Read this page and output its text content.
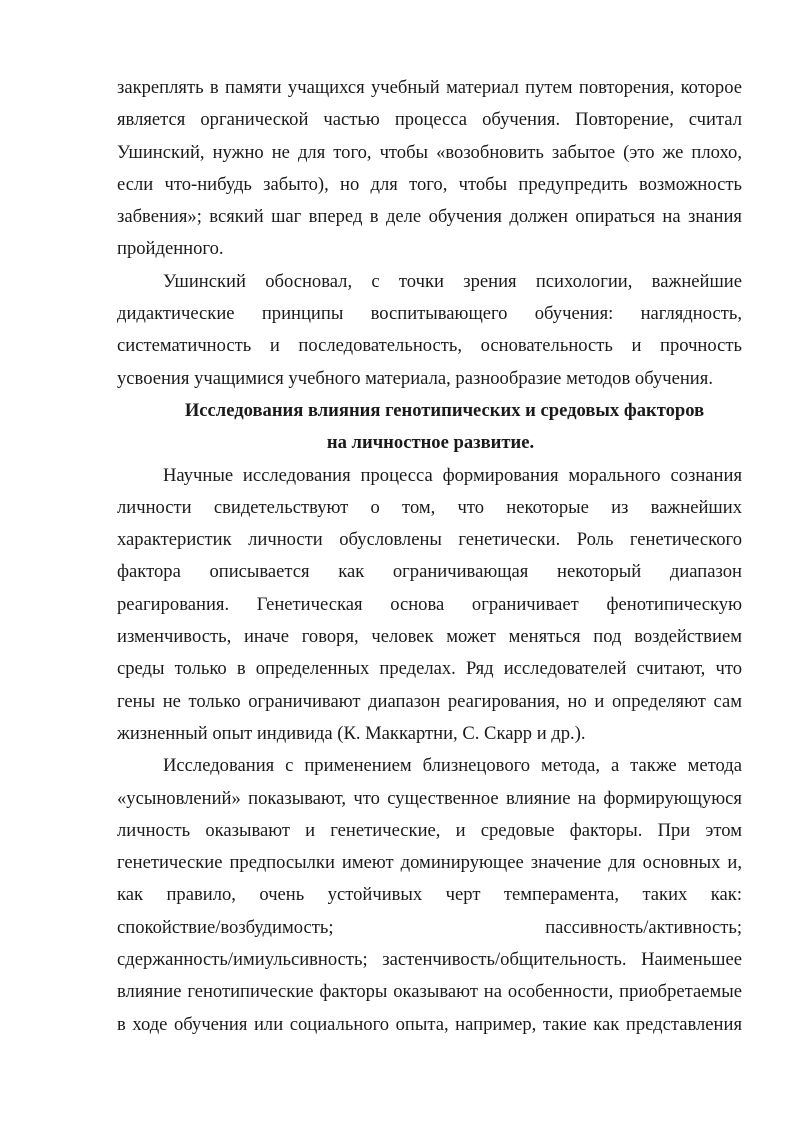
закреплять в памяти учащихся учебный материал путем повторения, которое
является органической частью процесса обучения. Повторение, считал
Ушинский, нужно не для того, чтобы «возобновить забытое (это же плохо,
если что-нибудь забыто), но для того, чтобы предупредить возможность
забвения»; всякий шаг вперед в деле обучения должен опираться на знания
пройденного.
Ушинский обосновал, с точки зрения психологии, важнейшие
дидактические принципы воспитывающего обучения: наглядность,
систематичность и последовательность, основательность и прочность
усвоения учащимися учебного материала, разнообразие методов обучения.
Исследования влияния генотипических и средовых факторов
на личностное развитие.
Научные исследования процесса формирования морального сознания
личности свидетельствуют о том, что некоторые из важнейших
характеристик личности обусловлены генетически. Роль генетического
фактора описывается как ограничивающая некоторый диапазон
реагирования. Генетическая основа ограничивает фенотипическую
изменчивость, иначе говоря, человек может меняться под воздействием
среды только в определенных пределах. Ряд исследователей считают, что
гены не только ограничивают диапазон реагирования, но и определяют сам
жизненный опыт индивида (К. Маккартни, С. Скарр и др.).
Исследования с применением близнецового метода, а также метода
«усыновлений» показывают, что существенное влияние на формирующуюся
личность оказывают и генетические, и средовые факторы. При этом
генетические предпосылки имеют доминирующее значение для основных и,
как правило, очень устойчивых черт темперамента, таких как:
спокойствие/возбудимость; пассивность/активность;
сдержанность/имиульсивность; застенчивость/общительность. Наименьшее
влияние генотипические факторы оказывают на особенности, приобретаемые
в ходе обучения или социального опыта, например, такие как представления
